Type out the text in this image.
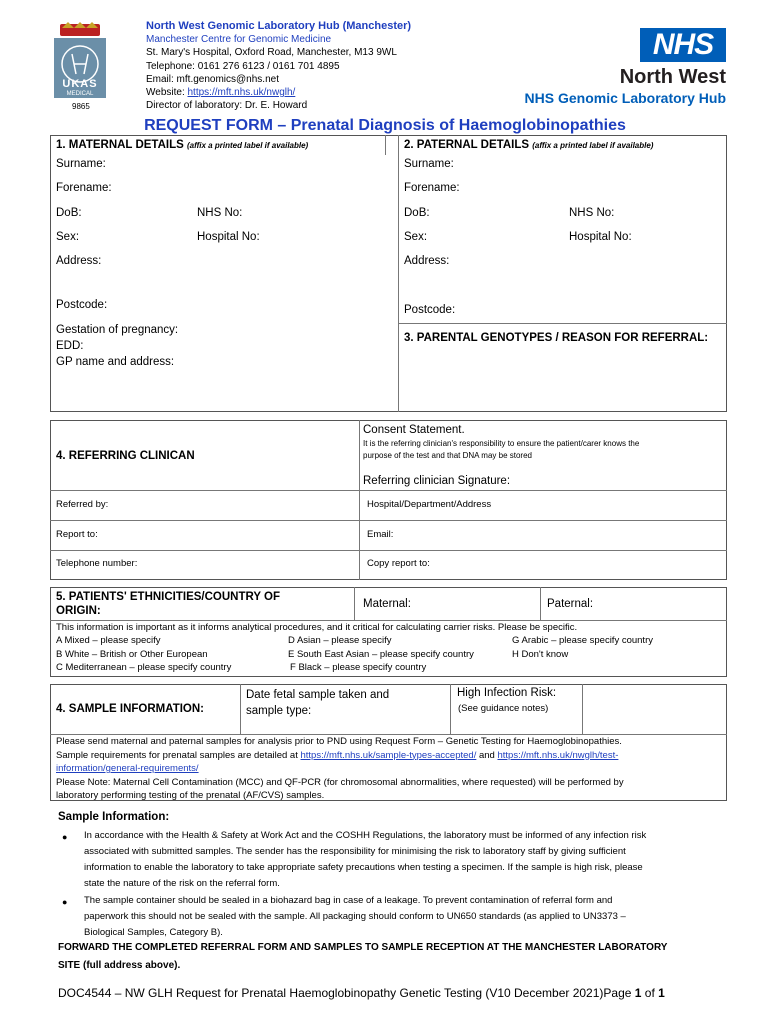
UKAS
MEDICAL
9865
North West Genomic Laboratory Hub (Manchester)
Manchester Centre for Genomic Medicine
St. Mary's Hospital, Oxford Road, Manchester, M13 9WL
Telephone: 0161 276 6123 / 0161 701 4895
Email: mft.genomics@nhs.net
Website: https://mft.nhs.uk/nwglh/
Director of laboratory: Dr. E. Howard
NHS
North West
NHS Genomic Laboratory Hub
REQUEST FORM – Prenatal Diagnosis of Haemoglobinopathies
1. MATERNAL DETAILS (affix a printed label if available)	2. PATERNAL DETAILS (affix a printed label if available)
Surname:
Forename:
DoB:	NHS No:
Sex:	Hospital No:
Address:
Postcode:
Gestation of pregnancy:
EDD:
GP name and address:
Surname:
Forename:
DoB:	NHS No:
Sex:	Hospital No:
Address:
Postcode:
3. PARENTAL GENOTYPES / REASON FOR REFERRAL:
4. REFERRING CLINICAN
Consent Statement.
It is the referring clinician's responsibility to ensure the patient/carer knows the
purpose of the test and that DNA may be stored
Referring clinician Signature:
Referred by:	Hospital/Department/Address
Report to:	Email:
Telephone number:	Copy report to:
5. PATIENTS' ETHNICITIES/COUNTRY OF
ORIGIN:
Maternal:	Paternal:
This information is important as it informs analytical procedures, and it critical for calculating carrier risks. Please be specific.
A Mixed – please specify	D Asian – please specify	G Arabic – please specify country
B White – British or Other European	E South East Asian – please specify country	H Don't know
C Mediterranean – please specify country	F Black – please specify country
4. SAMPLE INFORMATION:
Date fetal sample taken and
sample type:
High Infection Risk:
(See guidance notes)
Please send maternal and paternal samples for analysis prior to PND using Request Form – Genetic Testing for Haemoglobinopathies.
Sample requirements for prenatal samples are detailed at https://mft.nhs.uk/sample-types-accepted/ and https://mft.nhs.uk/nwglh/test-
information/general-requirements/
Please Note: Maternal Cell Contamination (MCC) and QF-PCR (for chromosomal abnormalities, where requested) will be performed by
laboratory performing testing of the prenatal (AF/CVS) samples.
Sample Information:
● In accordance with the Health & Safety at Work Act and the COSHH Regulations, the laboratory must be informed of any infection risk
associated with submitted samples. The sender has the responsibility for minimising the risk to laboratory staff by giving sufficient
information to enable the laboratory to take appropriate safety precautions when testing a specimen. If the sample is high risk, please
state the nature of the risk on the referral form.
● The sample container should be sealed in a biohazard bag in case of a leakage. To prevent contamination of referral form and
paperwork this should not be sealed with the sample. All packaging should conform to UN650 standards (as applied to UN3373 –
Biological Samples, Category B).
FORWARD THE COMPLETED REFERRAL FORM AND SAMPLES TO SAMPLE RECEPTION AT THE MANCHESTER LABORATORY
SITE (full address above).
DOC4544 – NW GLH Request for Prenatal Haemoglobinopathy Genetic Testing (V10 December 2021)Page 1 of 1
